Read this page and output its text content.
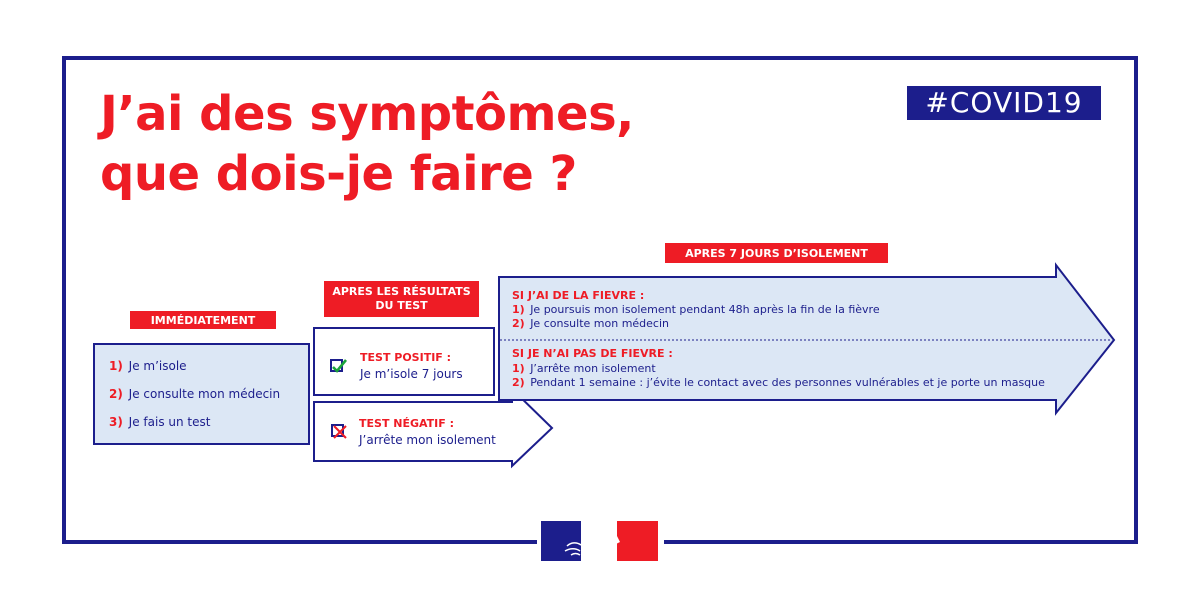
J’ai des symptômes,
que dois-je faire ?
#COVID19
IMMÉDIATEMENT
1) Je m’isole
2) Je consulte mon médecin
3) Je fais un test
APRES LES RÉSULTATS
DU TEST
TEST POSITIF :
Je m’isole 7 jours
TEST NÉGATIF :
J’arrête mon isolement
APRES 7 JOURS D’ISOLEMENT
SI J’AI DE LA FIEVRE :
1) Je poursuis mon isolement pendant 48h après la fin de la fièvre
2) Je consulte mon médecin
SI JE N’AI PAS DE FIEVRE :
1) J’arrête mon isolement
2) Pendant 1 semaine : j’évite le contact avec des personnes vulnérables et je porte un masque
